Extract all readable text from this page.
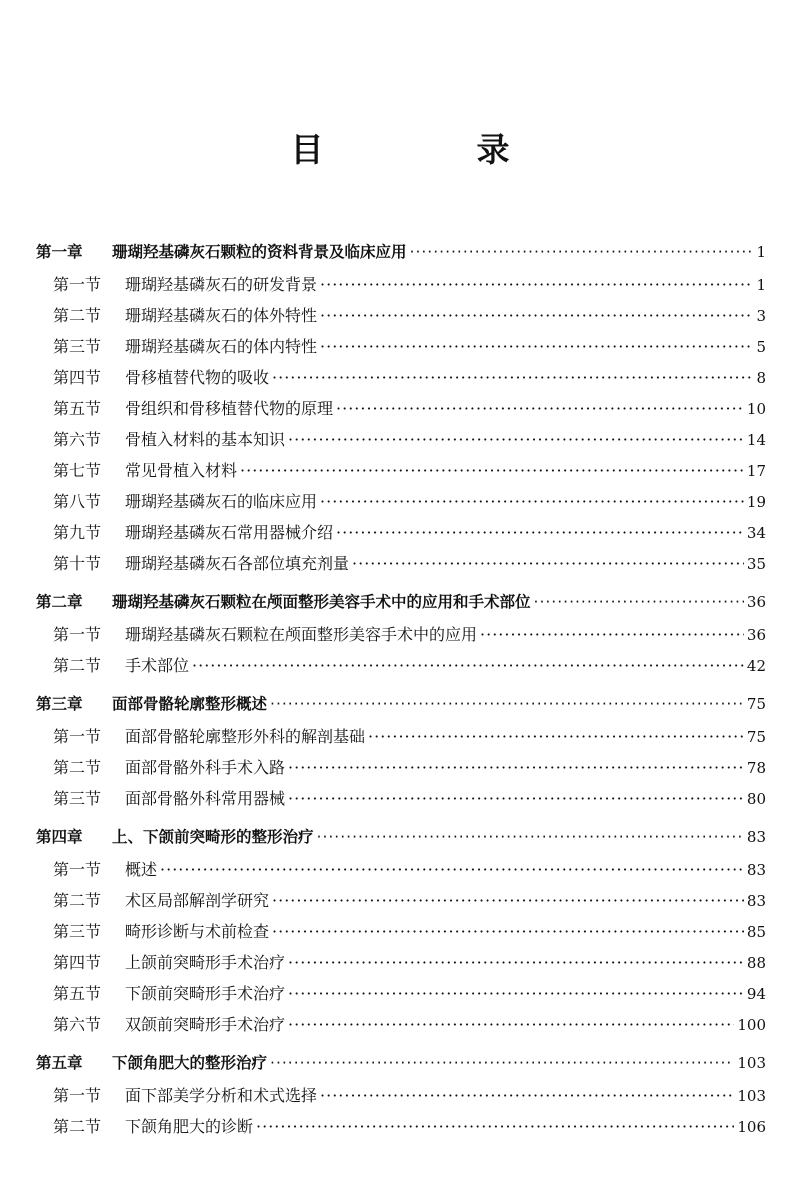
目　录
第一章	珊瑚羟基磷灰石颗粒的资料背景及临床应用 ·····	1
第一节	珊瑚羟基磷灰石的研发背景 ·····	1
第二节	珊瑚羟基磷灰石的体外特性 ·····	3
第三节	珊瑚羟基磷灰石的体内特性 ·····	5
第四节	骨移植替代物的吸收 ·····	8
第五节	骨组织和骨移植替代物的原理 ·····	10
第六节	骨植入材料的基本知识 ·····	14
第七节	常见骨植入材料 ·····	17
第八节	珊瑚羟基磷灰石的临床应用 ·····	19
第九节	珊瑚羟基磷灰石常用器械介绍 ·····	34
第十节	珊瑚羟基磷灰石各部位填充剂量 ·····	35
第二章	珊瑚羟基磷灰石颗粒在颅面整形美容手术中的应用和手术部位 ·····	36
第一节	珊瑚羟基磷灰石颗粒在颅面整形美容手术中的应用 ·····	36
第二节	手术部位 ·····	42
第三章	面部骨骼轮廓整形概述 ·····	75
第一节	面部骨骼轮廓整形外科的解剖基础 ·····	75
第二节	面部骨骼外科手术入路 ·····	78
第三节	面部骨骼外科常用器械 ·····	80
第四章	上、下颌前突畸形的整形治疗 ·····	83
第一节	概述 ·····	83
第二节	术区局部解剖学研究 ·····	83
第三节	畸形诊断与术前检查 ·····	85
第四节	上颌前突畸形手术治疗 ·····	88
第五节	下颌前突畸形手术治疗 ·····	94
第六节	双颌前突畸形手术治疗 ·····	100
第五章	下颌角肥大的整形治疗 ·····	103
第一节	面下部美学分析和术式选择 ·····	103
第二节	下颌角肥大的诊断 ·····	106
